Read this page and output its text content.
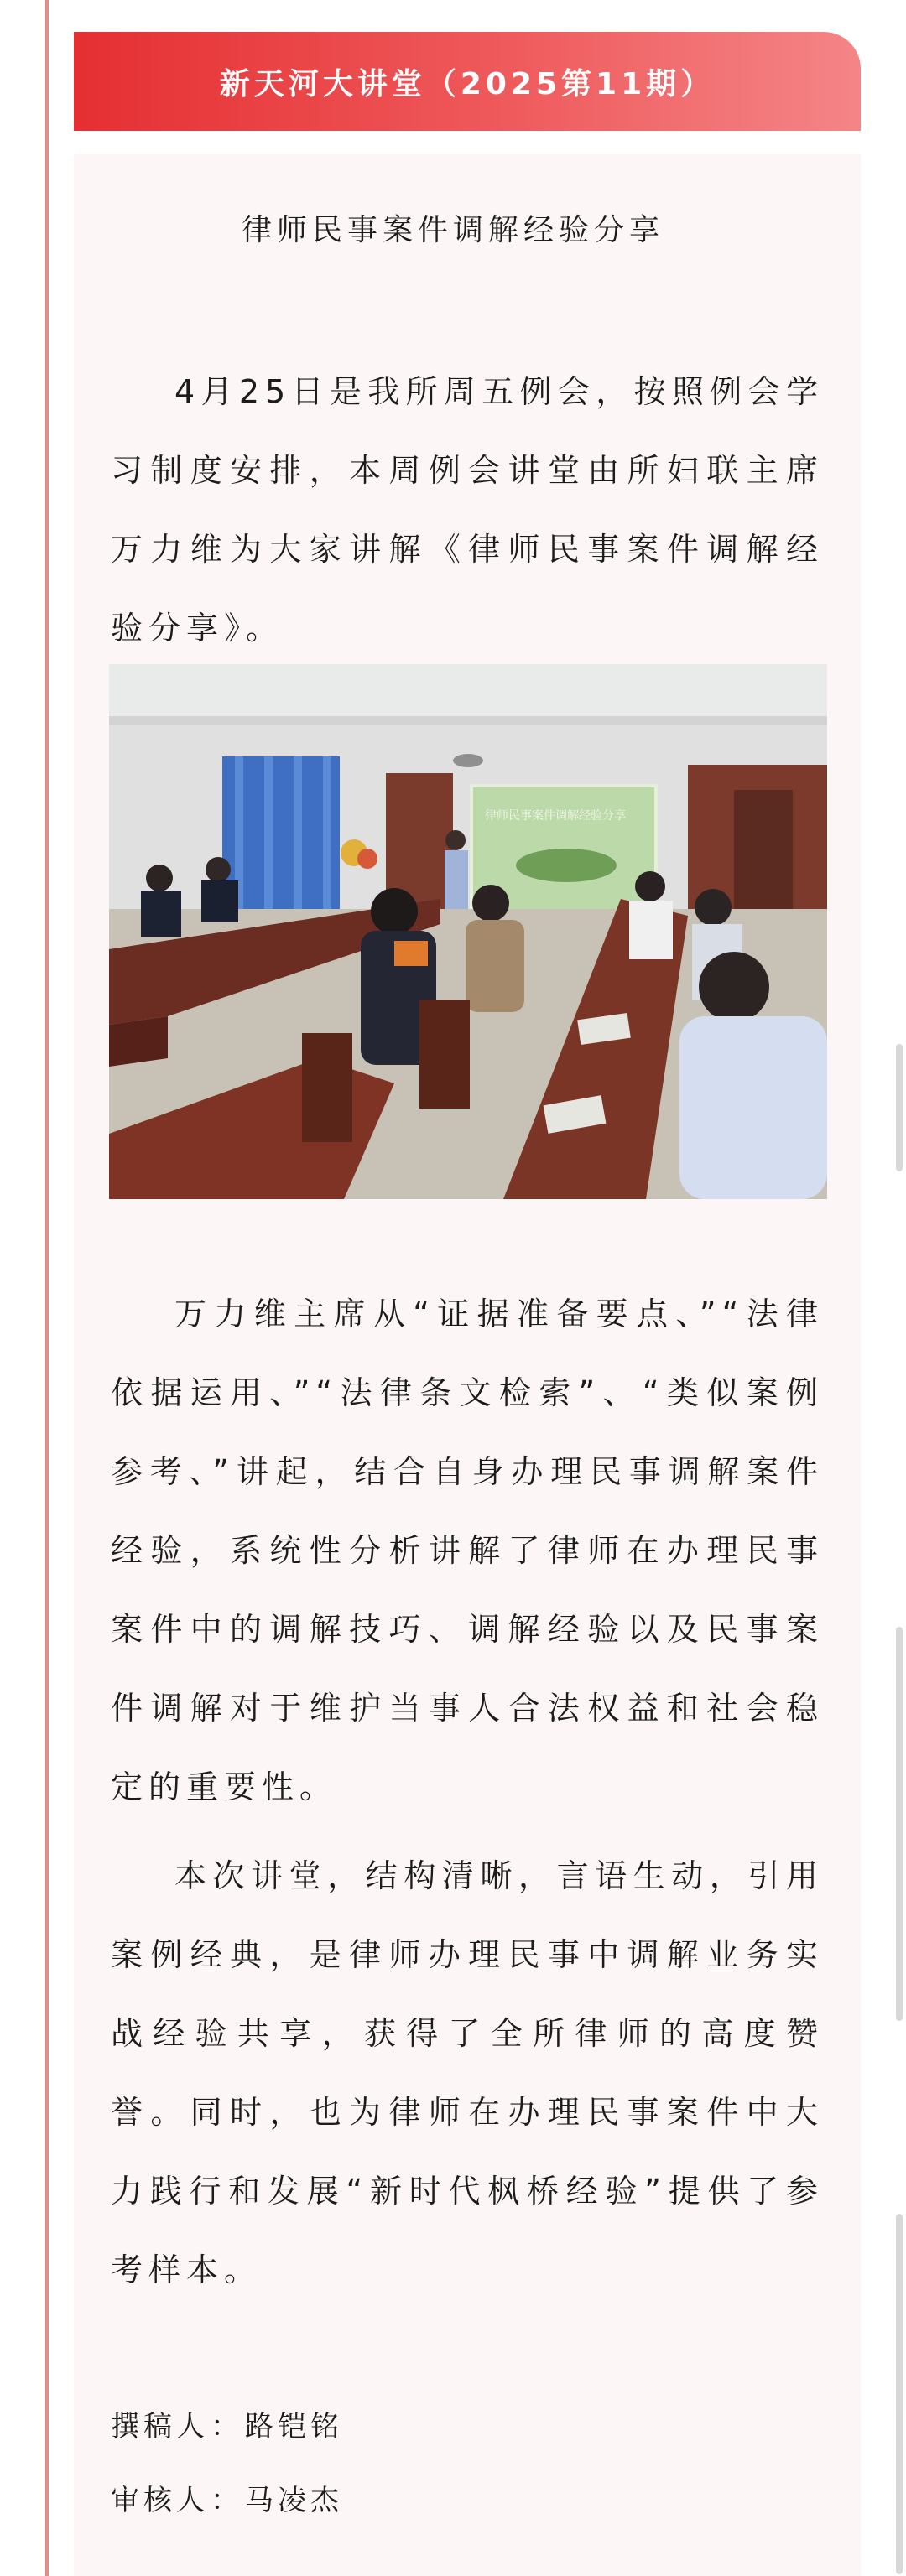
新天河大讲堂（2025第11期）
律师民事案件调解经验分享

4月25日是我所周五例会，按照例会学习制度安排，本周例会讲堂由所妇联主席万力维为大家讲解《律师民事案件调解经验分享》。

律师民事案件调解经验分享

万力维主席从“证据准备要点、”“法律依据运用、”“法律条文检索”、“类似案例参考、”讲起，结合自身办理民事调解案件经验，系统性分析讲解了律师在办理民事案件中的调解技巧、调解经验以及民事案件调解对于维护当事人合法权益和社会稳定的重要性。

本次讲堂，结构清晰，言语生动，引用案例经典，是律师办理民事中调解业务实战经验共享，获得了全所律师的高度赞誉。同时，也为律师在办理民事案件中大力践行和发展“新时代枫桥经验”提供了参考样本。

撰稿人：路铠铭
审核人：马凌杰
